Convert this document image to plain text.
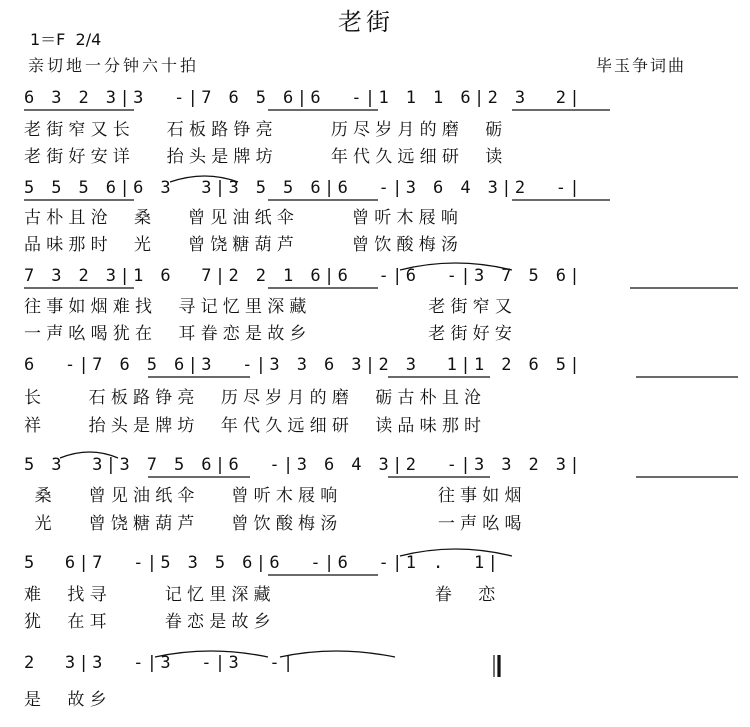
老街
1＝F  2/4
亲切地一分钟六十拍	毕玉争词曲
6 3 2 3|3  -|7 6 5 6|6  -|1 1 1 6|2 3  2|
老街窄又长   石板路铮亮     历尽岁月的磨  砺
老街好安详   抬头是牌坊     年代久远细研  读
5 5 5 6|6 3  3|3 5 5 6|6  -|3 6 4 3|2  -|
古朴且沧  桑   曾见油纸伞     曾听木屐响
品味那时  光   曾饶糖葫芦     曾饮酸梅汤
7 3 2 3|1 6  7|2 2 1 6|6  -|6  -|3 7 5 6|
往事如烟难找  寻记忆里深藏           老街窄又
一声吆喝犹在  耳眷恋是故乡           老街好安
6  -|7 6 5 6|3  -|3 3 6 3|2 3  1|1 2 6 5|
长    石板路铮亮  历尽岁月的磨  砺古朴且沧
祥    抬头是牌坊  年代久远细研  读品味那时
5 3  3|3 7 5 6|6  -|3 6 4 3|2  -|3 3 2 3|
桑   曾见油纸伞   曾听木屐响         往事如烟
光   曾饶糖葫芦   曾饮酸梅汤         一声吆喝
5  6|7  -|5 3 5 6|6  -|6  -|1 .  1|
难  找寻     记忆里深藏               眷  恋
犹  在耳     眷恋是故乡
2  3|3  -|3  -|3  -|
是  故乡
